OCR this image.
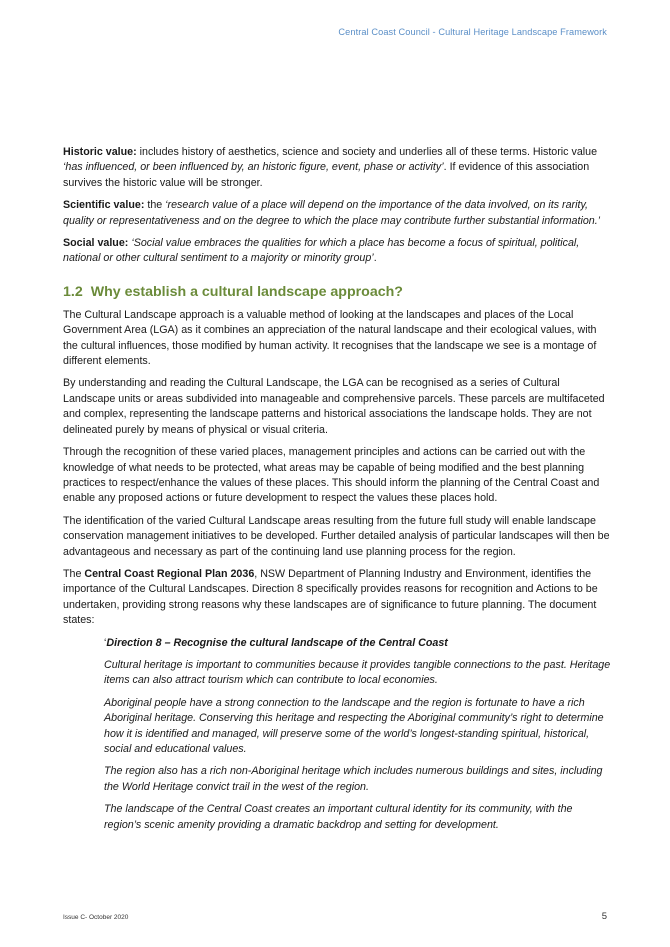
Central Coast Council - Cultural Heritage Landscape Framework

Historic value: includes history of aesthetics, science and society and underlies all of these terms. Historic value ‘has influenced, or been influenced by, an historic figure, event, phase or activity’. If evidence of this association survives the historic value will be stronger.

Scientific value: the ‘research value of a place will depend on the importance of the data involved, on its rarity, quality or representativeness and on the degree to which the place may contribute further substantial information.’

Social value: ‘Social value embraces the qualities for which a place has become a focus of spiritual, political, national or other cultural sentiment to a majority or minority group’.

1.2 Why establish a cultural landscape approach?

The Cultural Landscape approach is a valuable method of looking at the landscapes and places of the Local Government Area (LGA) as it combines an appreciation of the natural landscape and their ecological values, with the cultural influences, those modified by human activity. It recognises that the landscape we see is a montage of different elements.

By understanding and reading the Cultural Landscape, the LGA can be recognised as a series of Cultural Landscape units or areas subdivided into manageable and comprehensive parcels. These parcels are multifaceted and complex, representing the landscape patterns and historical associations the landscape holds. They are not delineated purely by means of physical or visual criteria.

Through the recognition of these varied places, management principles and actions can be carried out with the knowledge of what needs to be protected, what areas may be capable of being modified and the best planning practices to respect/enhance the values of these places. This should inform the planning of the Central Coast and enable any proposed actions or future development to respect the values these places hold.

The identification of the varied Cultural Landscape areas resulting from the future full study will enable landscape conservation management initiatives to be developed. Further detailed analysis of particular landscapes will then be advantageous and necessary as part of the continuing land use planning process for the region.

The Central Coast Regional Plan 2036, NSW Department of Planning Industry and Environment, identifies the importance of the Cultural Landscapes. Direction 8 specifically provides reasons for recognition and Actions to be undertaken, providing strong reasons why these landscapes are of significance to future planning. The document states:

‘Direction 8 – Recognise the cultural landscape of the Central Coast

Cultural heritage is important to communities because it provides tangible connections to the past. Heritage items can also attract tourism which can contribute to local economies.

Aboriginal people have a strong connection to the landscape and the region is fortunate to have a rich Aboriginal heritage. Conserving this heritage and respecting the Aboriginal community’s right to determine how it is identified and managed, will preserve some of the world’s longest-standing spiritual, historical, social and educational values.

The region also has a rich non-Aboriginal heritage which includes numerous buildings and sites, including the World Heritage convict trail in the west of the region.

The landscape of the Central Coast creates an important cultural identity for its community, with the region’s scenic amenity providing a dramatic backdrop and setting for development.

Issue C- October 2020	5
